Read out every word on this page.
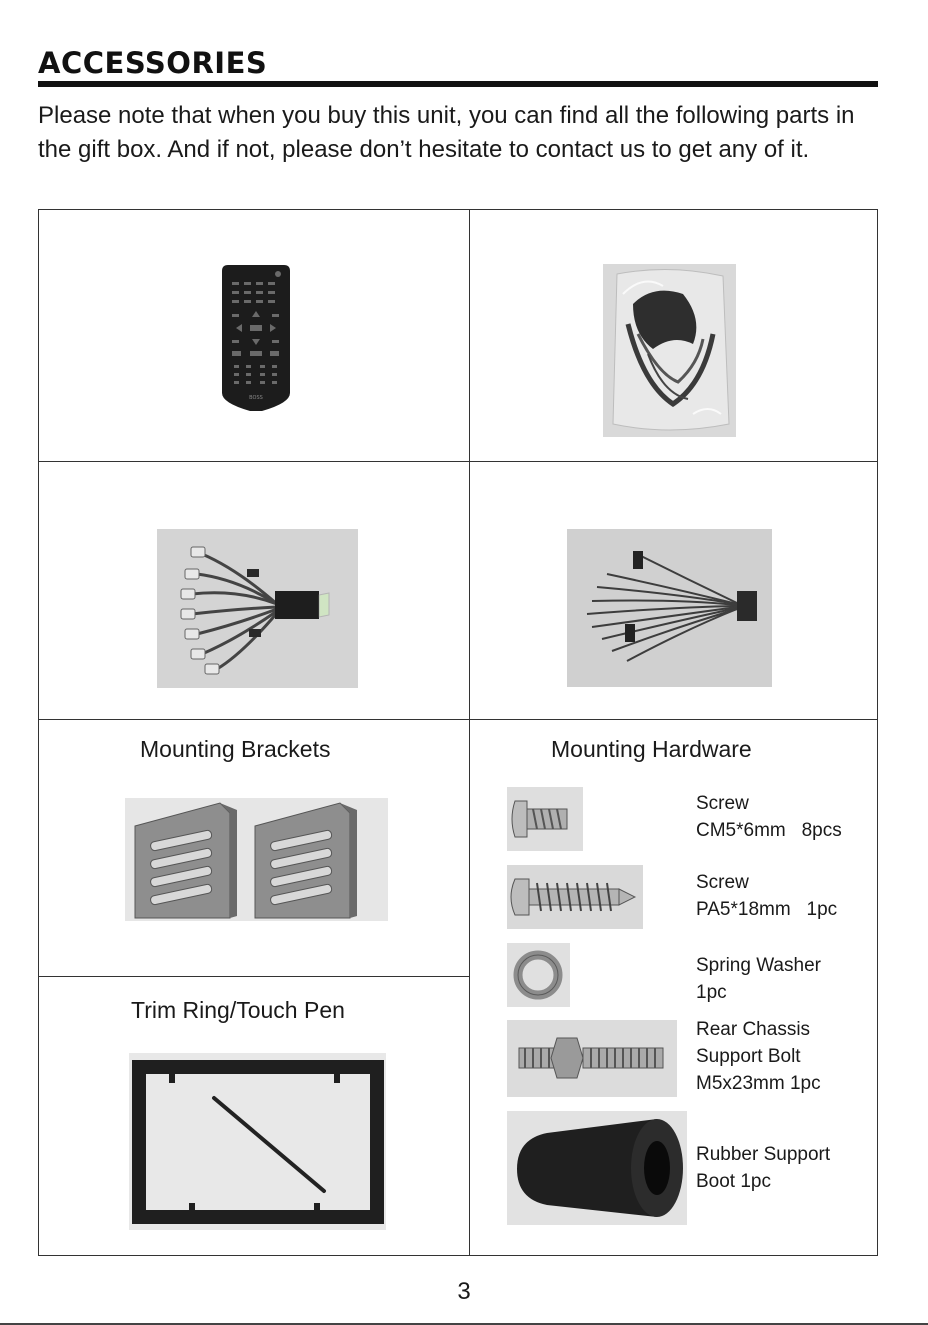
ACCESSORIES
Please note that when you buy this unit, you can find all the following parts in the gift box. And if not, please don’t hesitate to contact us to get any of it.
BOSS
Mounting Brackets
Trim Ring/Touch Pen
Mounting Hardware
Screw
CM5*6mm   8pcs
Screw
PA5*18mm   1pc
Spring Washer
1pc
Rear Chassis
Support Bolt
M5x23mm 1pc
Rubber Support
Boot 1pc
3
